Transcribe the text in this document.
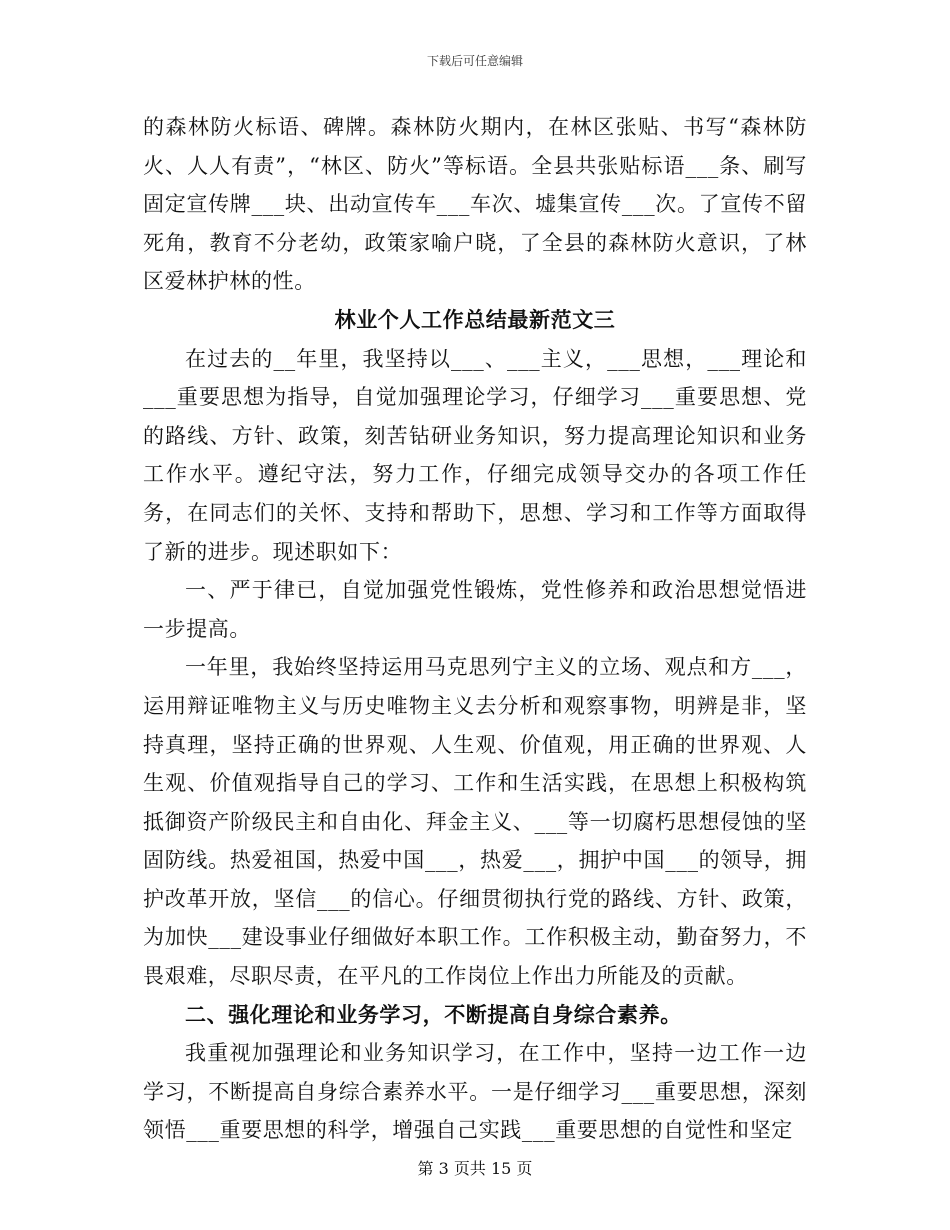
下载后可任意编辑

的森林防火标语、碑牌。森林防火期内，在林区张贴、书写“森林防火、人人有责”，“林区、防火”等标语。全县共张贴标语___条、刷写固定宣传牌___块、出动宣传车___车次、墟集宣传___次。了宣传不留死角，教育不分老幼，政策家喻户晓，了全县的森林防火意识，了林区爱林护林的性。

林业个人工作总结最新范文三

在过去的__年里，我坚持以___、___主义，___思想，___理论和___重要思想为指导，自觉加强理论学习，仔细学习___重要思想、党的路线、方针、政策，刻苦钻研业务知识，努力提高理论知识和业务工作水平。遵纪守法，努力工作，仔细完成领导交办的各项工作任务，在同志们的关怀、支持和帮助下，思想、学习和工作等方面取得了新的进步。现述职如下：

一、严于律已，自觉加强党性锻炼，党性修养和政治思想觉悟进一步提高。

一年里，我始终坚持运用马克思列宁主义的立场、观点和方___，运用辩证唯物主义与历史唯物主义去分析和观察事物，明辨是非，坚持真理，坚持正确的世界观、人生观、价值观，用正确的世界观、人生观、价值观指导自己的学习、工作和生活实践，在思想上积极构筑抵御资产阶级民主和自由化、拜金主义、___等一切腐朽思想侵蚀的坚固防线。热爱祖国，热爱中国___，热爱___，拥护中国___的领导，拥护改革开放，坚信___的信心。仔细贯彻执行党的路线、方针、政策，为加快___建设事业仔细做好本职工作。工作积极主动，勤奋努力，不畏艰难，尽职尽责，在平凡的工作岗位上作出力所能及的贡献。

二、强化理论和业务学习，不断提高自身综合素养。

我重视加强理论和业务知识学习，在工作中，坚持一边工作一边学习，不断提高自身综合素养水平。一是仔细学习___重要思想，深刻领悟___重要思想的科学，增强自己实践___重要思想的自觉性和坚定

第 3 页共 15 页
